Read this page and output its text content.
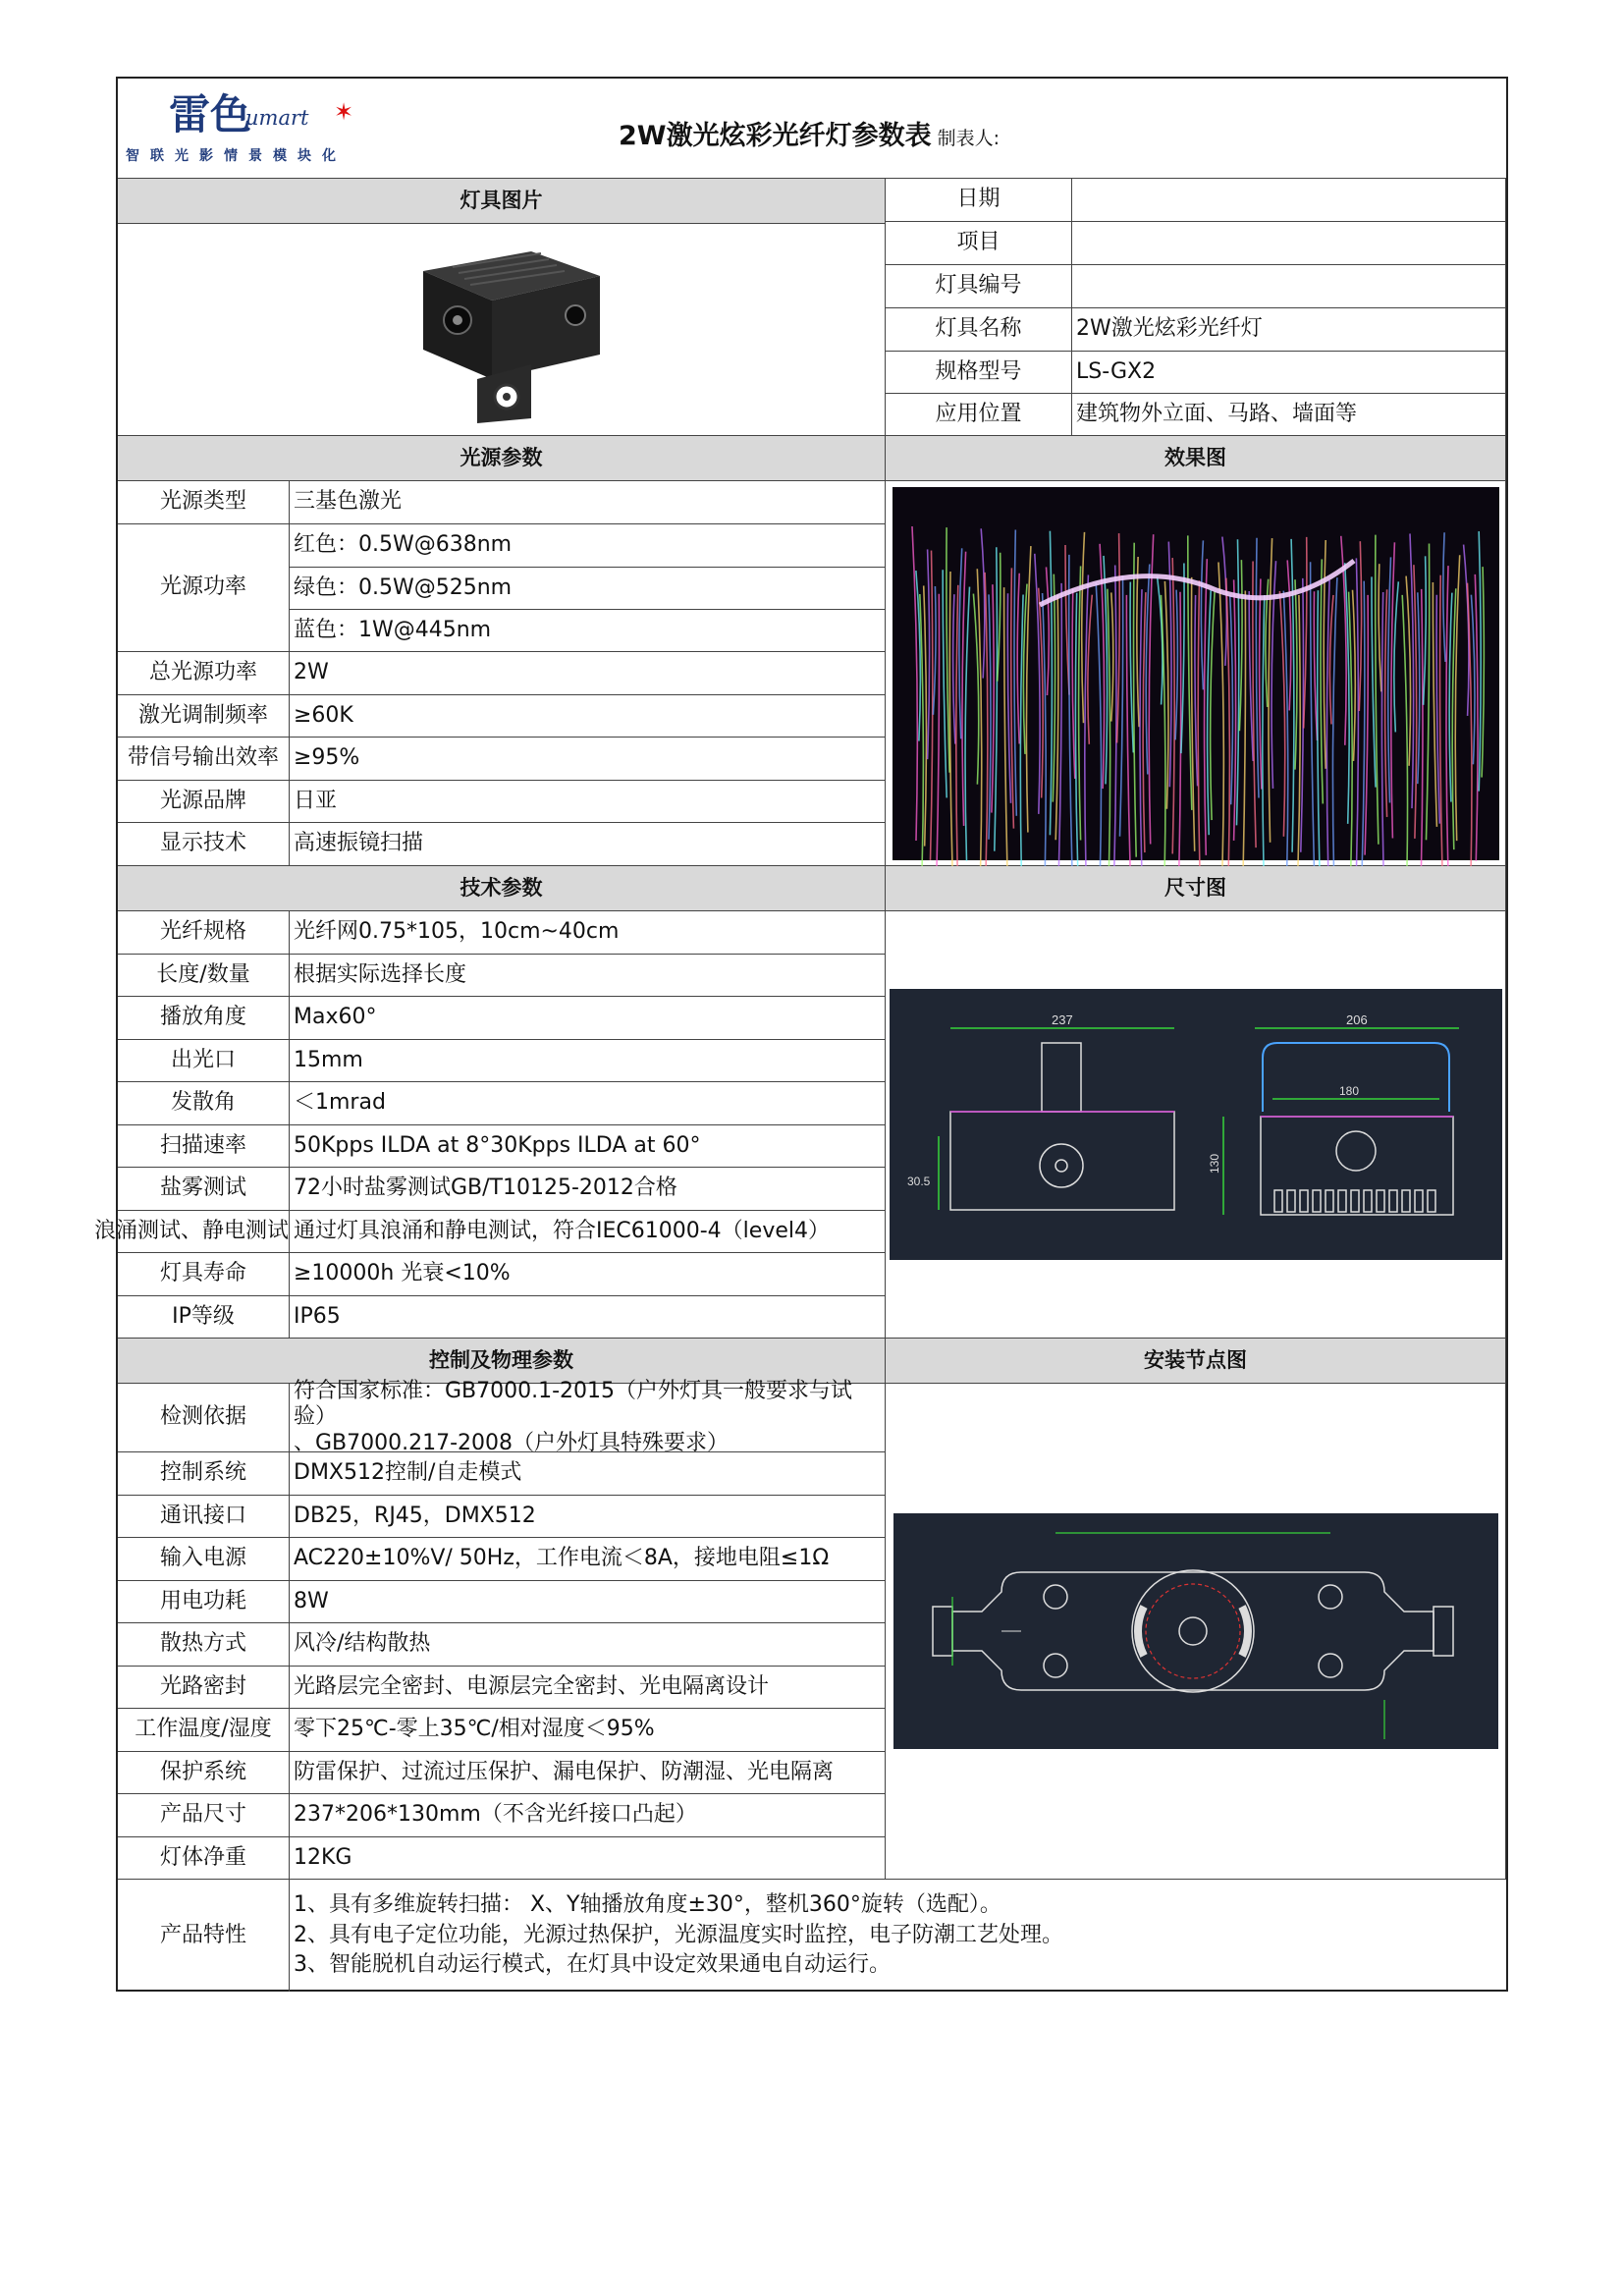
雷色
umart ✶
智联光影情景模块化
2W激光炫彩光纤灯参数表 制表人:
灯具图片	日期
项目
灯具编号
灯具名称	2W激光炫彩光纤灯
规格型号	LS-GX2
应用位置	建筑物外立面、马路、墙面等
光源参数	效果图
光源类型	三基色激光
光源功率
红色：0.5W@638nm
绿色：0.5W@525nm
蓝色：1W@445nm
总光源功率	2W
激光调制频率	≥60K
带信号输出效率 ≥95%
光源品牌	日亚
显示技术	高速振镜扫描
技术参数	尺寸图
光纤规格	光纤网0.75*105，10cm~40cm
长度/数量	根据实际选择长度
播放角度	Max60°
出光口	15mm
发散角	＜1mrad
扫描速率	50Kpps ILDA at 8°30Kpps ILDA at 60°
盐雾测试	72小时盐雾测试GB/T10125-2012合格
浪涌测试、静电测试 通过灯具浪涌和静电测试，符合IEC61000-4（level4）
灯具寿命	≥10000h 光衰<10%
IP等级	IP65
237
30.5
206
180
130
控制及物理参数	安装节点图
检测依据
符合国家标准：GB7000.1-2015（户外灯具一般要求与试验）
、GB7000.217-2008（户外灯具特殊要求）
控制系统	DMX512控制/自走模式
通讯接口	DB25，RJ45，DMX512
输入电源	AC220±10%V/ 50Hz，工作电流＜8A，接地电阻≤1Ω
用电功耗	8W
散热方式	风冷/结构散热
光路密封	光路层完全密封、电源层完全密封、光电隔离设计
工作温度/湿度	零下25℃-零上35℃/相对湿度＜95%
保护系统	防雷保护、过流过压保护、漏电保护、防潮湿、光电隔离
产品尺寸	237*206*130mm（不含光纤接口凸起）
灯体净重	12KG
产品特性
1、具有多维旋转扫描： X、Y轴播放角度±30°，整机360°旋转（选配）。
2、具有电子定位功能，光源过热保护，光源温度实时监控，电子防潮工艺处理。
3、智能脱机自动运行模式，在灯具中设定效果通电自动运行。
